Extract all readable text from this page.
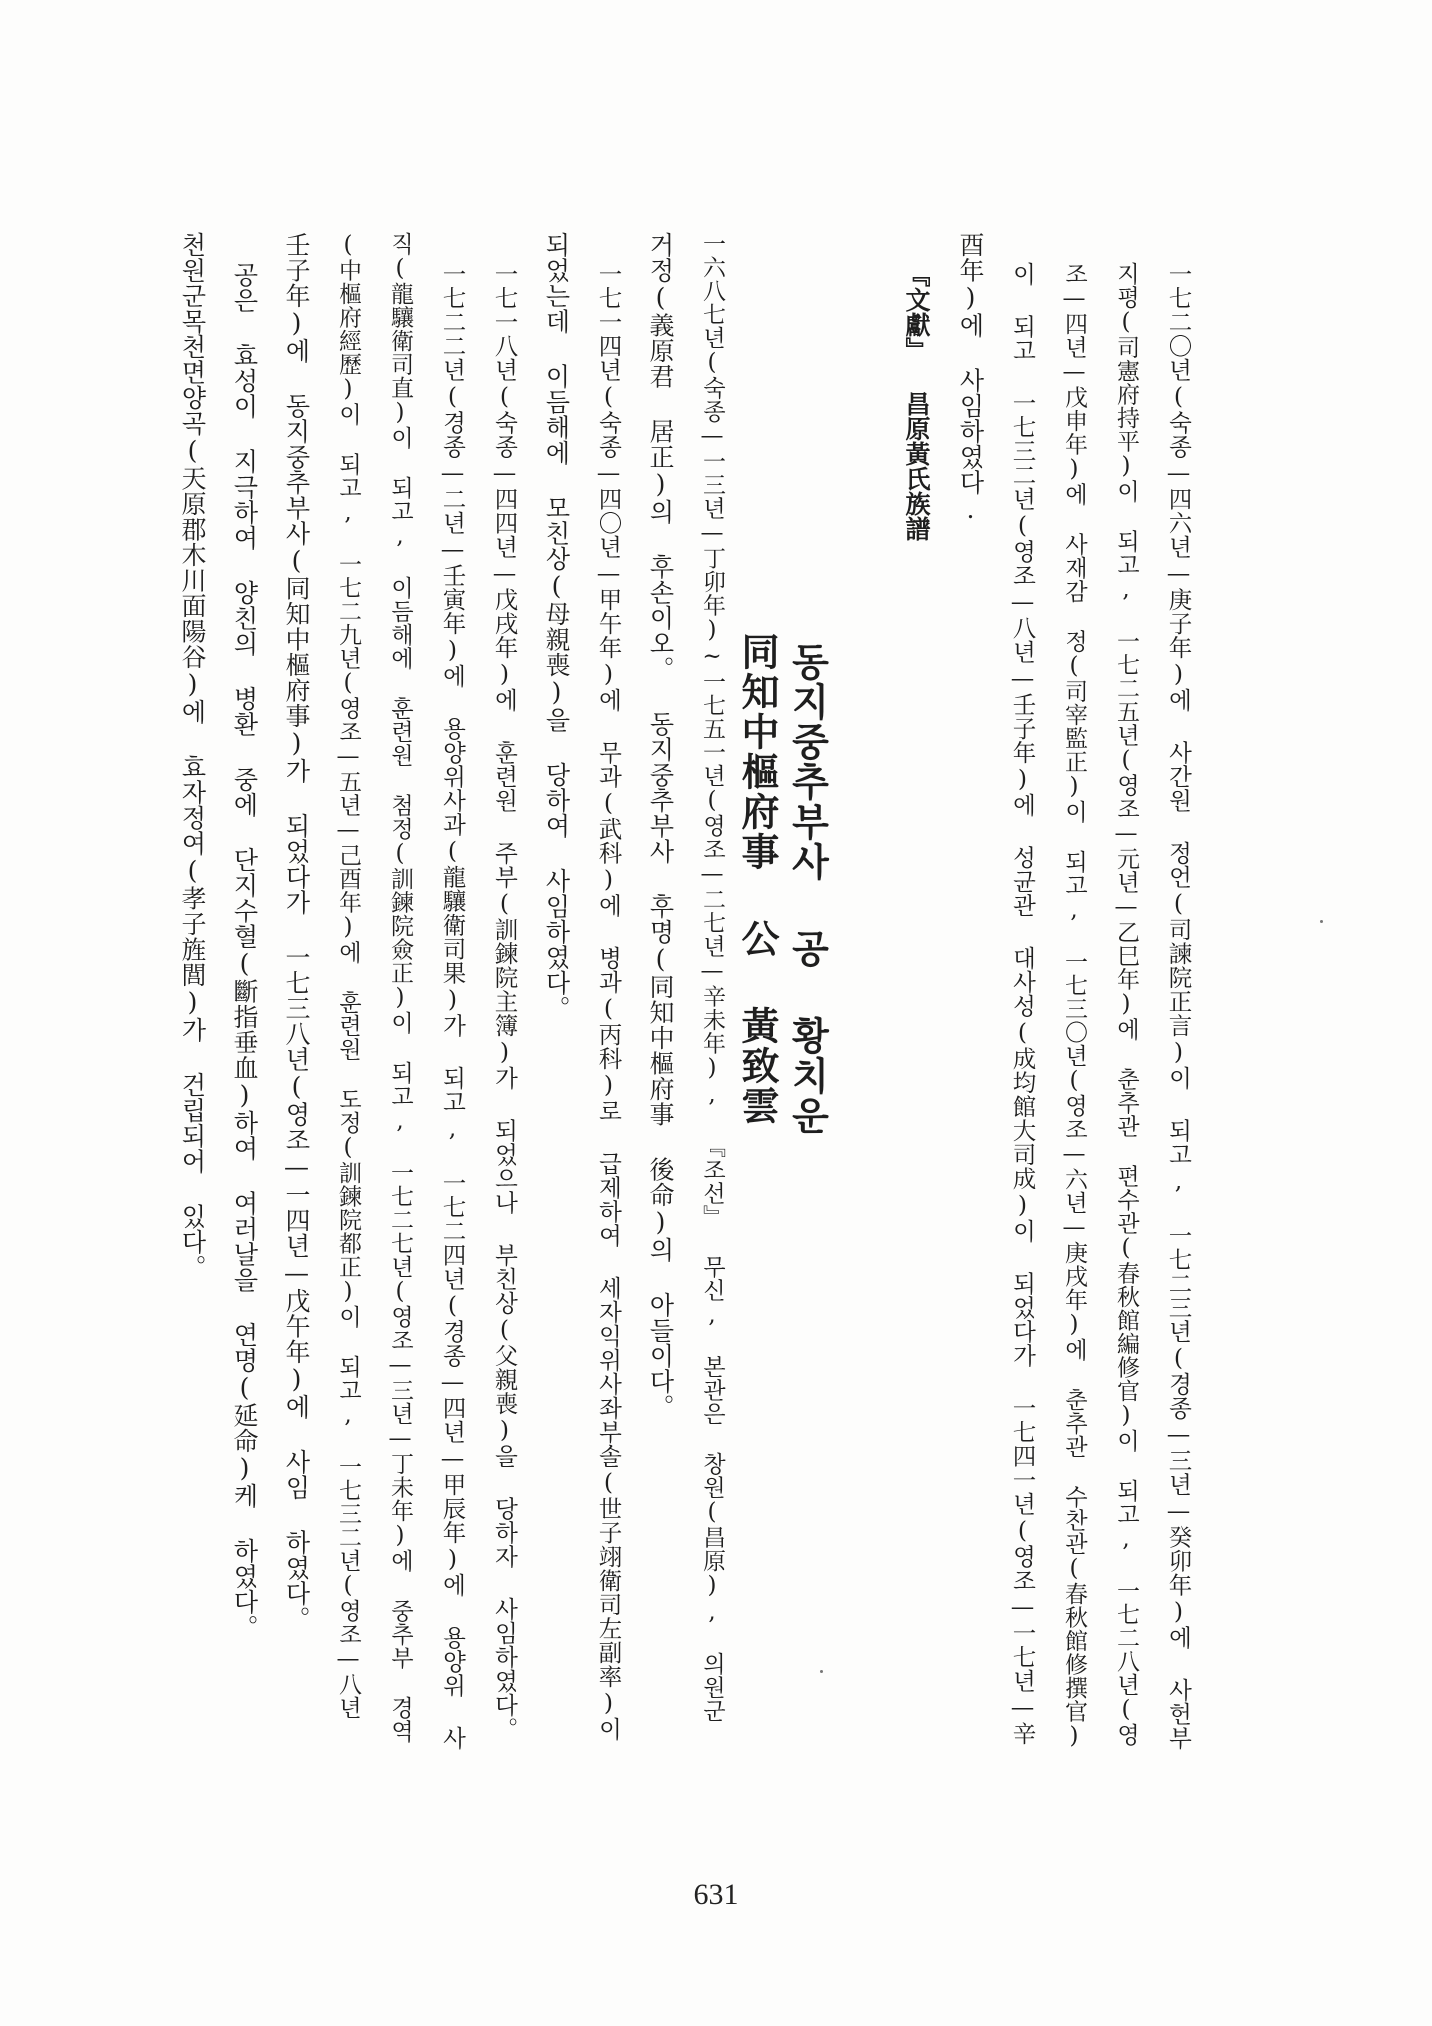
一七二〇년(숙종—四六년—庚子年)에 사간원 정언(司諫院正言)이 되고, 一七二三년(경종—三년—癸卯年)에 사헌부
지평(司憲府持平)이 되고, 一七二五년(영조—元년—乙巳年)에 춘추관 편수관(春秋館編修官)이 되고, 一七二八년(영
조—四년—戊申年)에 사재감 정(司宰監正)이 되고, 一七三〇년(영조—六년—庚戌年)에 춘추관 수찬관(春秋館修撰官)
이 되고 一七三二년(영조—八년—壬子年)에 성균관 대사성(成均館大司成)이 되었다가 一七四一년(영조—一七년—辛
酉年)에 사임하였다.
『文獻』 昌原黃氏族譜
동지중추부사 공 황치운
同知中樞府事 公 黃致雲
一六八七년(숙종—一三년—丁卯年)~一七五一년(영조—二七년—辛未年), 『조선』 무신, 본관은 창원(昌原), 의원군
거정(義原君 居正)의 후손이오。 동지중추부사 후명(同知中樞府事 後命)의 아들이다。
一七一四년(숙종—四〇년—甲午年)에 무과(武科)에 병과(丙科)로 급제하여 세자익위사좌부솔(世子翊衛司左副率)이
되었는데 이듬해에 모친상(母親喪)을 당하여 사임하였다。
一七一八년(숙종—四四년—戊戌年)에 훈련원 주부(訓鍊院主簿)가 되었으나 부친상(父親喪)을 당하자 사임하였다。
一七二二년(경종—二년—壬寅年)에 용양위사과(龍驤衛司果)가 되고, 一七二四년(경종—四년—甲辰年)에 용양위 사
직(龍驤衛司直)이 되고, 이듬해에 훈련원 첨정(訓鍊院僉正)이 되고, 一七二七년(영조—三년—丁未年)에 중추부 경역
(中樞府經歷)이 되고, 一七二九년(영조—五년—己酉年)에 훈련원 도정(訓鍊院都正)이 되고, 一七三二년(영조—八년
壬子年)에 동지중추부사(同知中樞府事)가 되었다가 一七三八년(영조—一四년—戊午年)에 사임 하였다。
공은 효성이 지극하여 양친의 병환 중에 단지수혈(斷指垂血)하여 여러날을 연명(延命)케 하였다。
천원군목천면양곡(天原郡木川面陽谷)에 효자정여(孝子旌閭)가 건립되어 있다。
631
